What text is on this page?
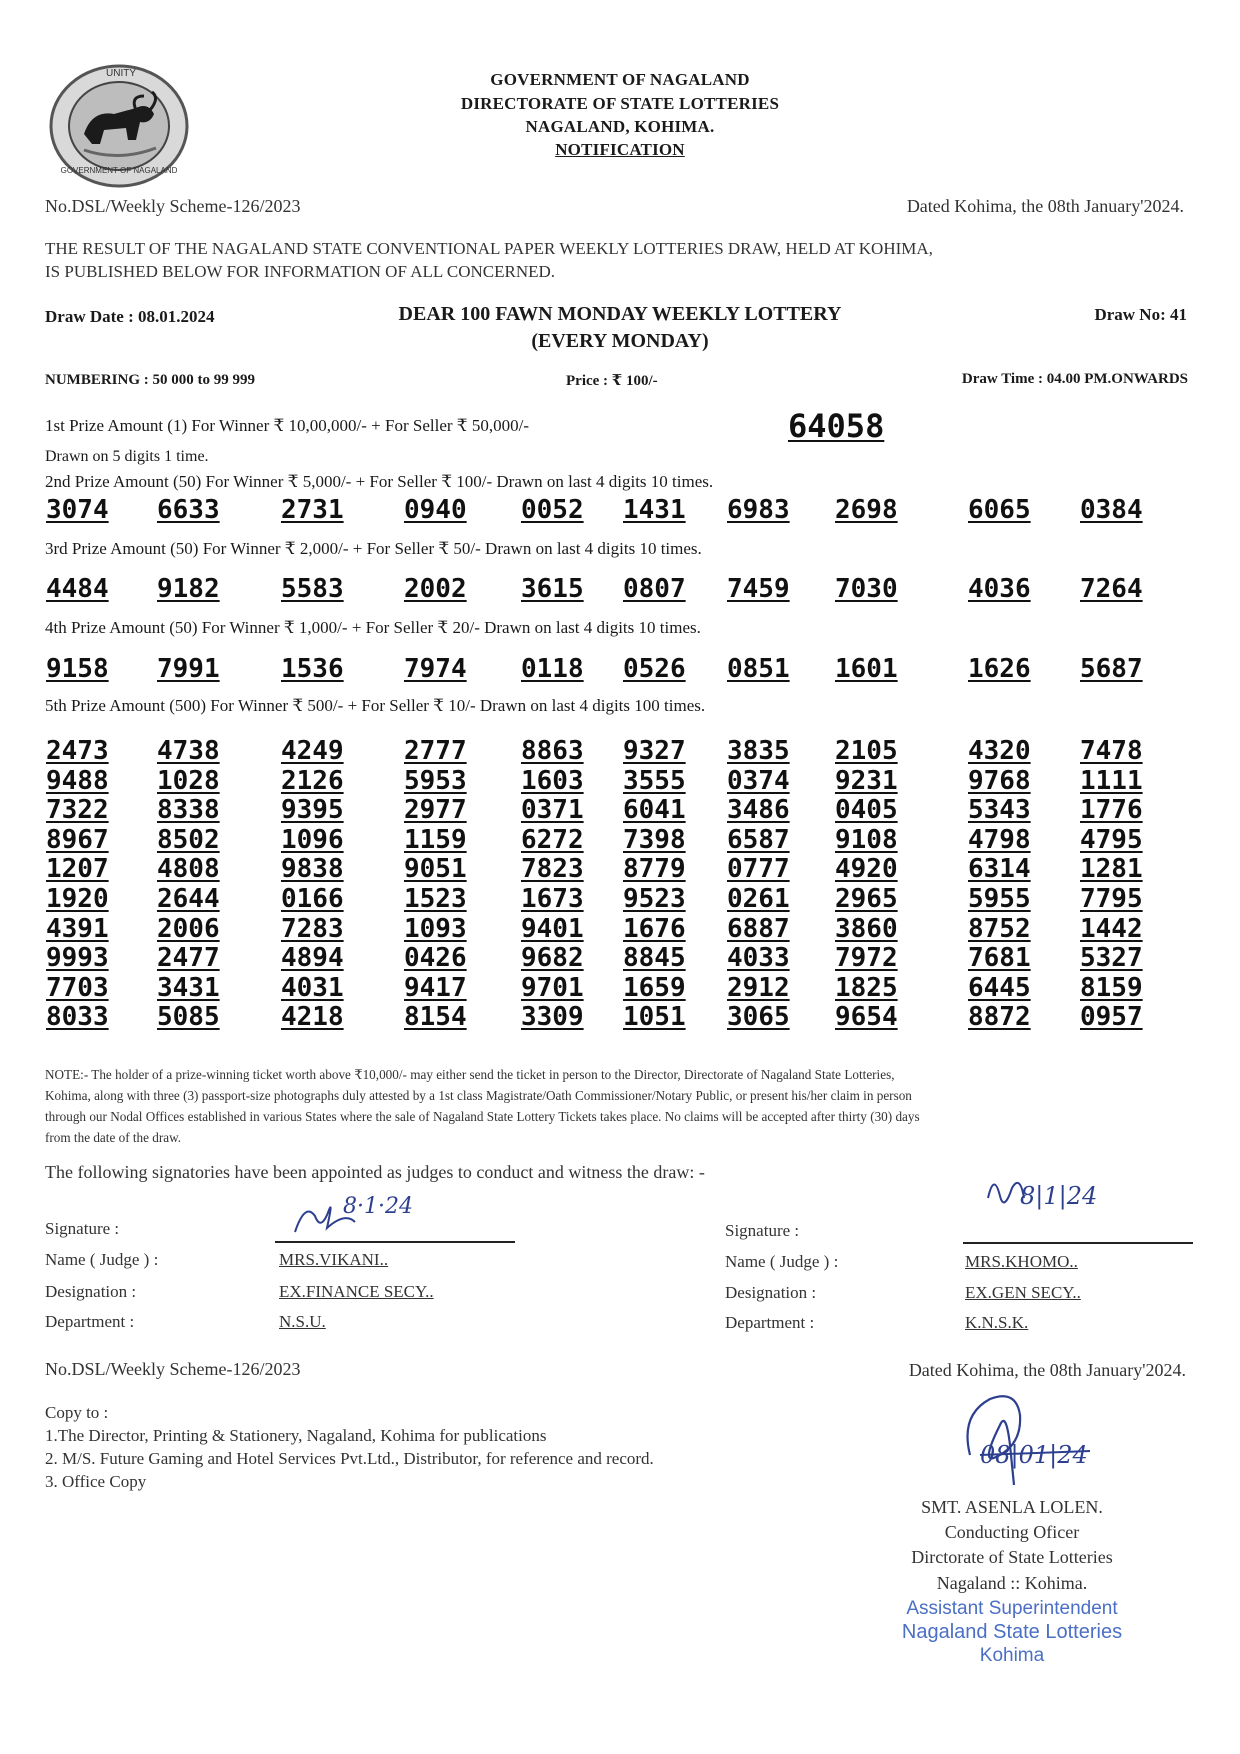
UNITY
GOVERNMENT OF NAGALAND
GOVERNMENT OF NAGALAND
DIRECTORATE OF STATE LOTTERIES
NAGALAND, KOHIMA.
NOTIFICATION
No.DSL/Weekly Scheme-126/2023	Dated Kohima, the 08th January'2024.
THE RESULT OF THE NAGALAND STATE CONVENTIONAL PAPER WEEKLY LOTTERIES DRAW, HELD AT KOHIMA,
IS PUBLISHED BELOW FOR INFORMATION OF ALL CONCERNED.
Draw Date : 08.01.2024	DEAR 100 FAWN MONDAY WEEKLY LOTTERY
(EVERY MONDAY)
Draw No: 41
NUMBERING : 50 000 to 99 999	Price : ₹ 100/-	Draw Time : 04.00 PM.ONWARDS
1st Prize Amount (1) For Winner ₹ 10,00,000/- + For Seller ₹ 50,000/-	64058
Drawn on 5 digits 1 time.
2nd Prize Amount (50) For Winner ₹ 5,000/- + For Seller ₹ 100/- Drawn on last 4 digits 10 times.
3074 6633 2731 0940 0052 1431 6983 2698	6065 0384
3rd Prize Amount (50) For Winner ₹ 2,000/- + For Seller ₹ 50/- Drawn on last 4 digits 10 times.
4484 9182 5583 2002 3615 0807 7459 7030	4036 7264
4th Prize Amount (50) For Winner ₹ 1,000/- + For Seller ₹ 20/- Drawn on last 4 digits 10 times.
9158 7991 1536 7974 0118 0526 0851 1601	1626 5687
5th Prize Amount (500) For Winner ₹ 500/- + For Seller ₹ 10/- Drawn on last 4 digits 100 times.
2473 4738 4249 2777 8863 9327 3835 2105	4320 7478
9488 1028 2126 5953 1603 3555 0374 9231	9768 1111
7322 8338 9395 2977 0371 6041 3486 0405	5343 1776
8967 8502 1096 1159 6272 7398 6587 9108	4798 4795
1207 4808 9838 9051 7823 8779 0777 4920	6314 1281
1920 2644 0166 1523 1673 9523 0261 2965	5955 7795
4391 2006 7283 1093 9401 1676 6887 3860	8752 1442
9993 2477 4894 0426 9682 8845 4033 7972	7681 5327
7703 3431 4031 9417 9701 1659 2912 1825	6445 8159
8033 5085 4218 8154 3309 1051 3065 9654	8872 0957
NOTE:- The holder of a prize-winning ticket worth above ₹10,000/- may either send the ticket in person to the Director, Directorate of Nagaland State Lotteries,
Kohima, along with three (3) passport-size photographs duly attested by a 1st class Magistrate/Oath Commissioner/Notary Public, or present his/her claim in person
through our Nodal Offices established in various States where the sale of Nagaland State Lottery Tickets takes place. No claims will be accepted after thirty (30) days
from the date of the draw.
The following signatories have been appointed as judges to conduct and witness the draw: -
Signature :
8·1·24
Name ( Judge ) :	MRS.VIKANI..
Designation :	EX.FINANCE SECY..
Department :	N.S.U.
Signature :
8|1|24
Name ( Judge ) :	MRS.KHOMO..
Designation :	EX.GEN SECY..
Department :	K.N.S.K.
No.DSL/Weekly Scheme-126/2023	Dated Kohima, the 08th January'2024.
Copy to :
1.The Director, Printing & Stationery, Nagaland, Kohima for publications
2. M/S. Future Gaming and Hotel Services Pvt.Ltd., Distributor, for reference and record.
3. Office Copy
08|01|24
SMT. ASENLA LOLEN.
Conducting Oficer
Dirctorate of State Lotteries
Nagaland :: Kohima.
Assistant Superintendent
Nagaland State Lotteries
Kohima
